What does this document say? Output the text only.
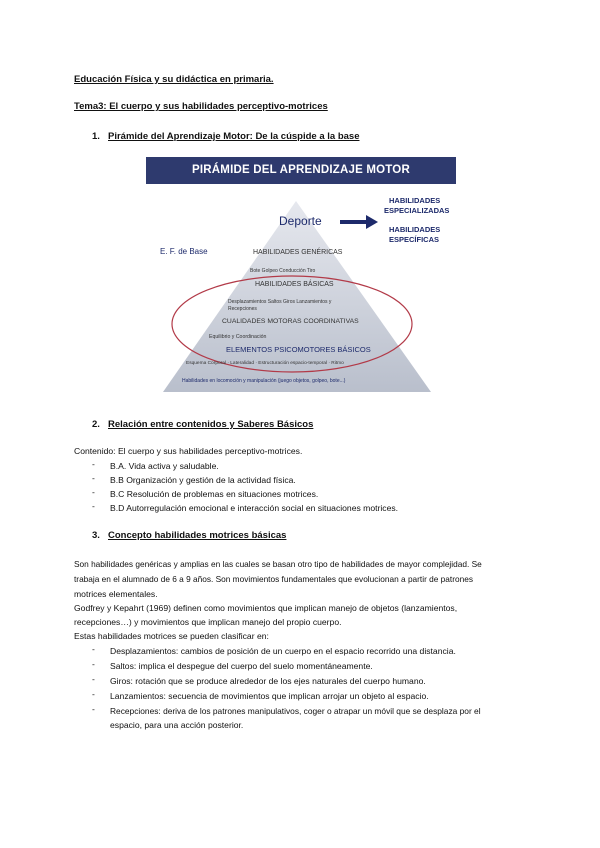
Educación Física y su didáctica en primaria.
Tema3: El cuerpo y sus habilidades perceptivo-motrices
1. Pirámide del Aprendizaje Motor: De la cúspide a la base
PIRÁMIDE DEL APRENDIZAJE MOTOR
Deporte
HABILIDADES
ESPECIALIZADAS
HABILIDADES
ESPECÍFICAS
E. F. de Base	HABILIDADES GENÉRICAS
Bote Golpeo Conducción Tiro
HABILIDADES BÁSICAS
Desplazamientos Saltos Giros Lanzamientos y
Recepciones
CUALIDADES MOTORAS COORDINATIVAS
Equilibrio y Coordinación
ELEMENTOS PSICOMOTORES BÁSICOS
Esquema Corporal · Lateralidad · Estructuración espacio-temporal · Ritmo
Habilidades en locomoción y manipulación (juego objetos, golpeo, bote...)
2. Relación entre contenidos y Saberes Básicos
Contenido: El cuerpo y sus habilidades perceptivo-motrices.
- B.A. Vida activa y saludable.
- B.B Organización y gestión de la actividad física.
- B.C Resolución de problemas en situaciones motrices.
- B.D Autorregulación emocional e interacción social en situaciones motrices.
3. Concepto habilidades motrices básicas
Son habilidades genéricas y amplias en las cuales se basan otro tipo de habilidades de mayor complejidad. Se
trabaja en el alumnado de 6 a 9 años. Son movimientos fundamentales que evolucionan a partir de patrones
motrices elementales.
Godfrey y Kepahrt (1969) definen como movimientos que implican manejo de objetos (lanzamientos,
recepciones…) y movimientos que implican manejo del propio cuerpo.
Estas habilidades motrices se pueden clasificar en:
- Desplazamientos: cambios de posición de un cuerpo en el espacio recorrido una distancia.
- Saltos: implica el despegue del cuerpo del suelo momentáneamente.
- Giros: rotación que se produce alrededor de los ejes naturales del cuerpo humano.
- Lanzamientos: secuencia de movimientos que implican arrojar un objeto al espacio.
- Recepciones: deriva de los patrones manipulativos, coger o atrapar un móvil que se desplaza por el
espacio, para una acción posterior.
